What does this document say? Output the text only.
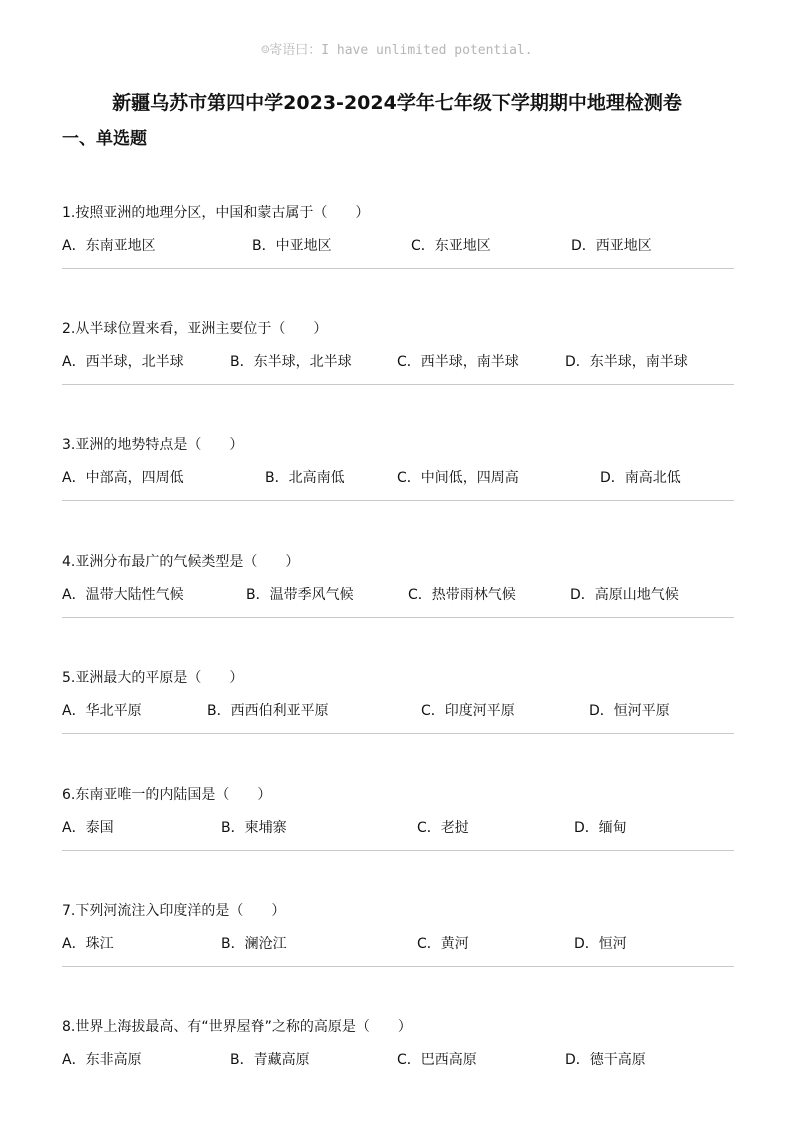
☺寄语曰：I have unlimited potential.
新疆乌苏市第四中学2023-2024学年七年级下学期期中地理检测卷
一、单选题
1.按照亚洲的地理分区，中国和蒙古属于（　　）
A．东南亚地区	B．中亚地区	C．东亚地区	D．西亚地区
2.从半球位置来看，亚洲主要位于（　　）
A．西半球，北半球	B．东半球，北半球	C．西半球，南半球	D．东半球，南半球
3.亚洲的地势特点是（　　）
A．中部高，四周低	B．北高南低	C．中间低，四周高	D．南高北低
4.亚洲分布最广的气候类型是（　　）
A．温带大陆性气候	B．温带季风气候	C．热带雨林气候	D．高原山地气候
5.亚洲最大的平原是（　　）
A．华北平原	B．西西伯利亚平原	C．印度河平原	D．恒河平原
6.东南亚唯一的内陆国是（　　）
A．泰国	B．柬埔寨	C．老挝	D．缅甸
7.下列河流注入印度洋的是（　　）
A．珠江	B．澜沧江	C．黄河	D．恒河
8.世界上海拔最高、有“世界屋脊”之称的高原是（　　）
A．东非高原	B．青藏高原	C．巴西高原	D．德干高原
